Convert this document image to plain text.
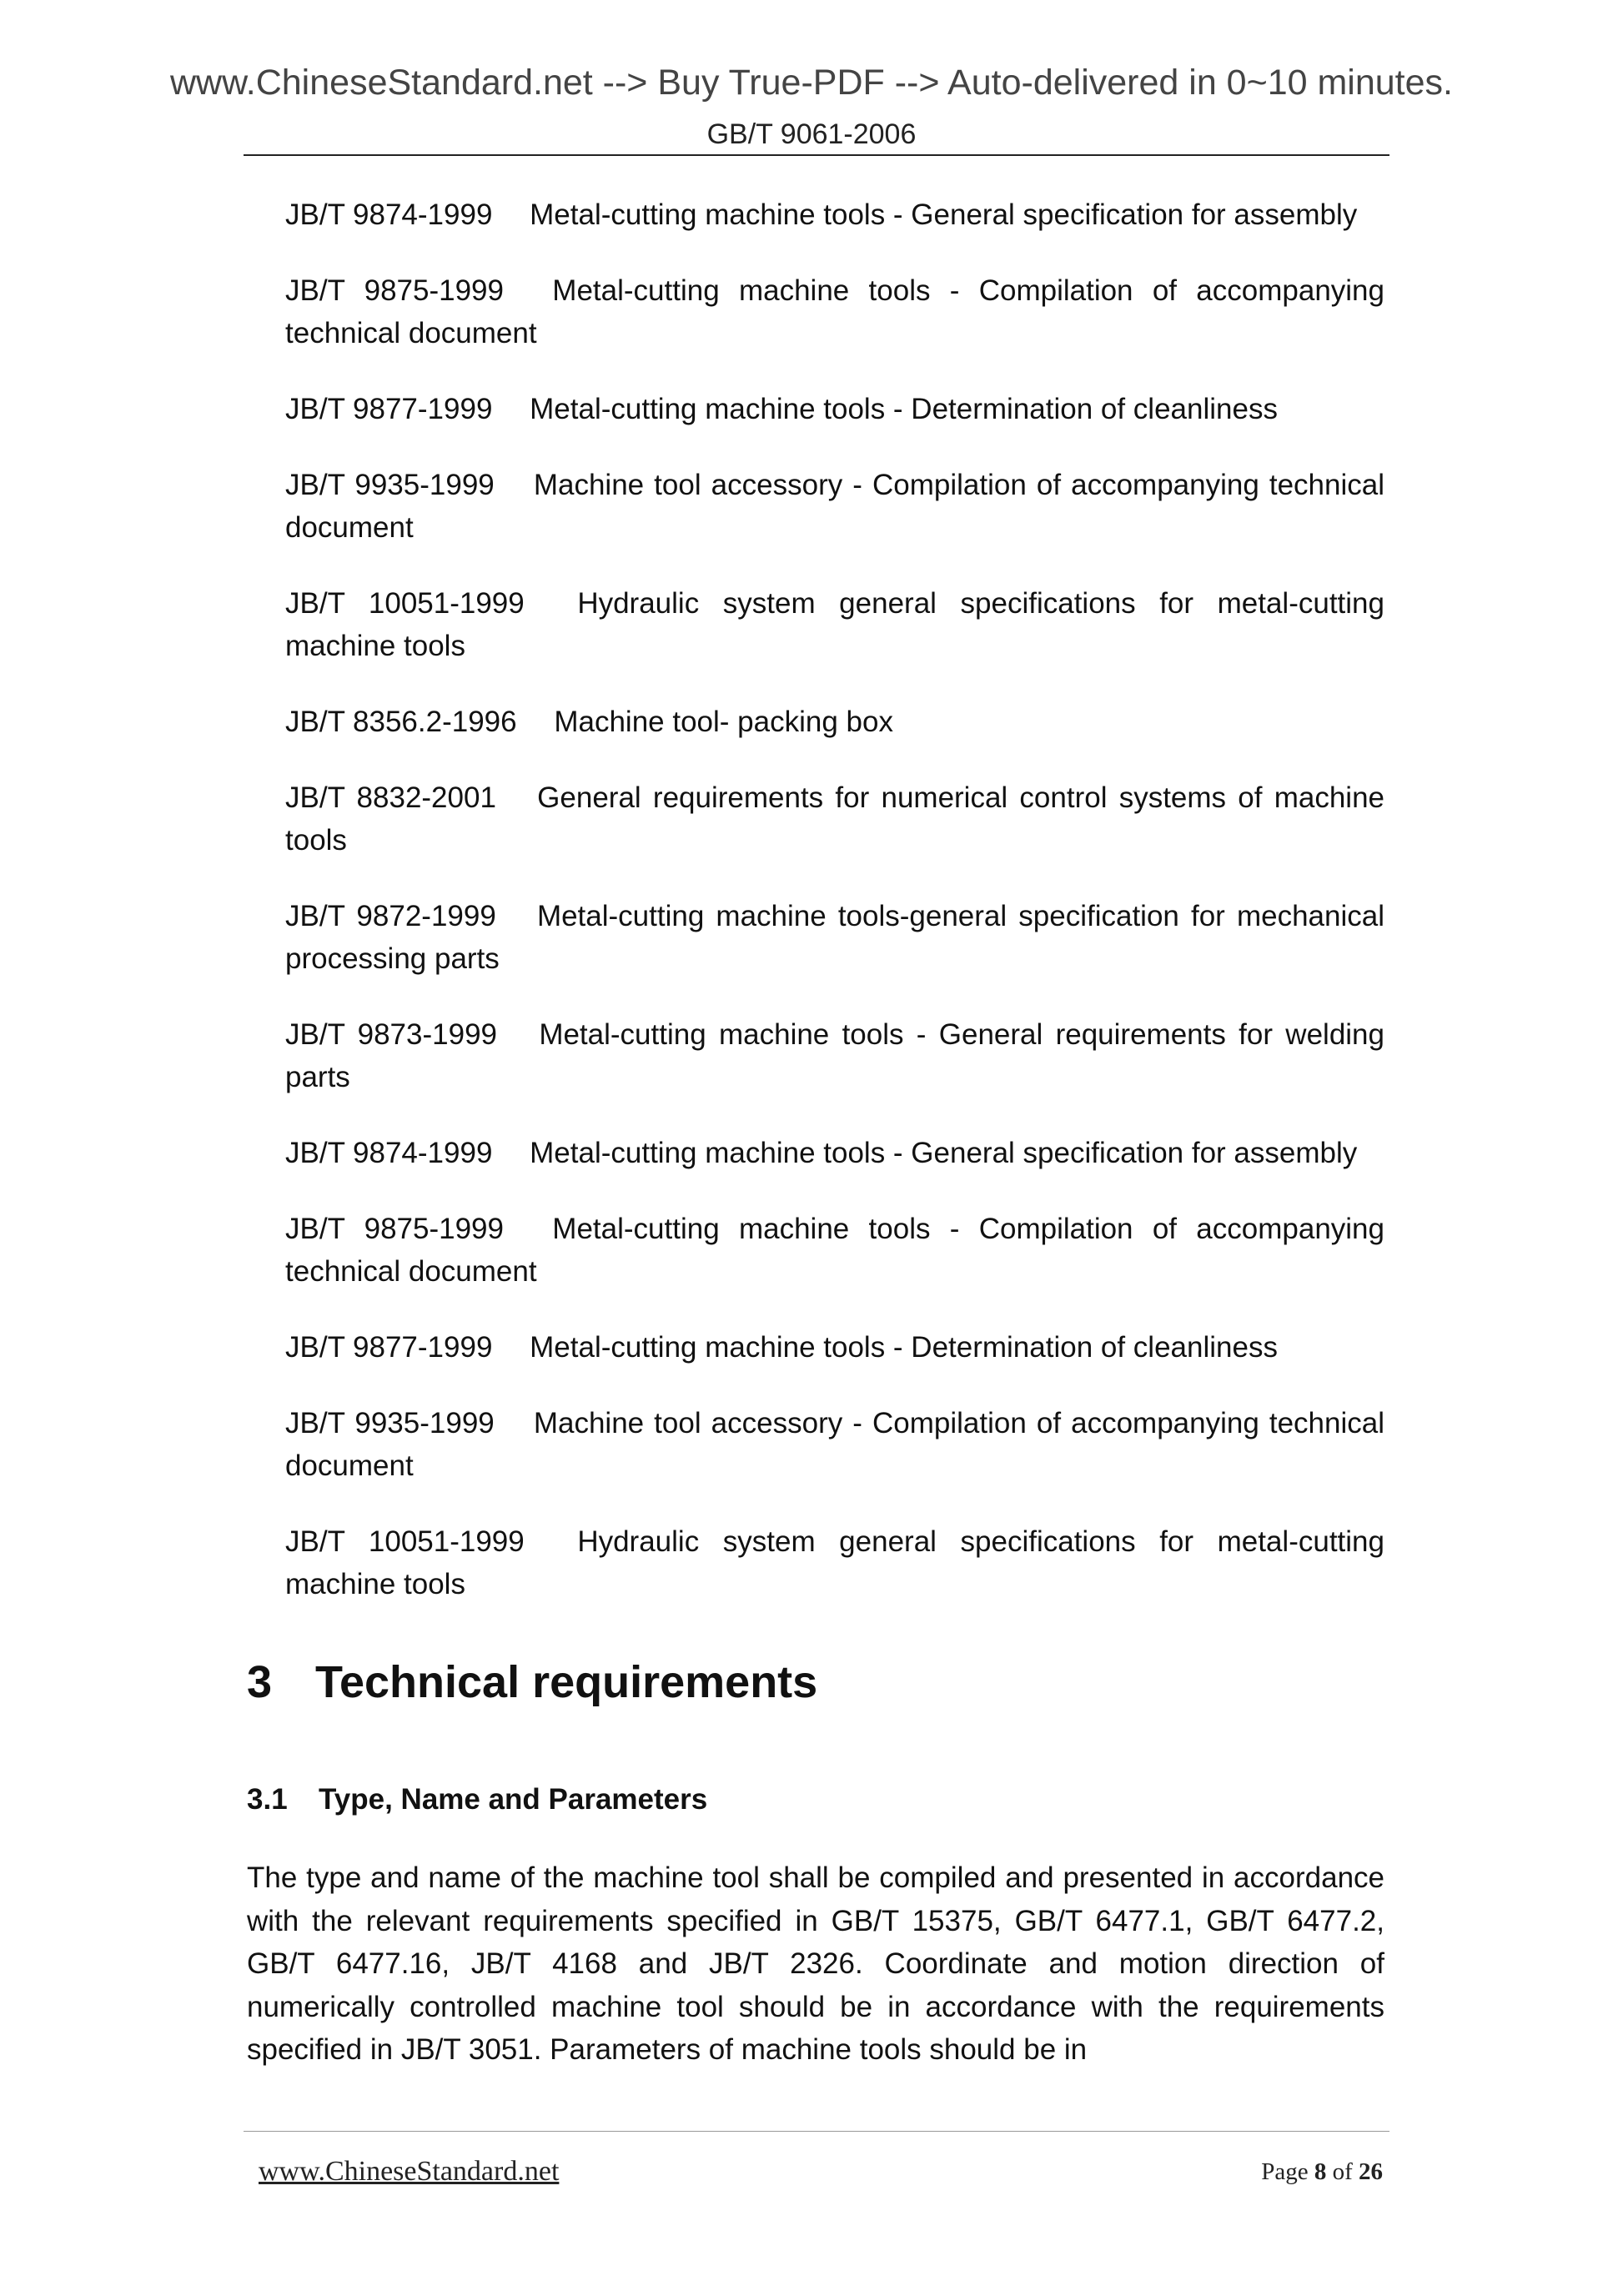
www.ChineseStandard.net --> Buy True-PDF --> Auto-delivered in 0~10 minutes.
GB/T 9061-2006
JB/T 9874-1999  Metal-cutting machine tools - General specification for assembly
JB/T 9875-1999  Metal-cutting machine tools - Compilation of accompanying technical document
JB/T 9877-1999  Metal-cutting machine tools - Determination of cleanliness
JB/T 9935-1999  Machine tool accessory - Compilation of accompanying technical document
JB/T 10051-1999  Hydraulic system general specifications for metal-cutting machine tools
JB/T 8356.2-1996  Machine tool- packing box
JB/T 8832-2001  General requirements for numerical control systems of machine tools
JB/T 9872-1999  Metal-cutting machine tools-general specification for mechanical processing parts
JB/T 9873-1999  Metal-cutting machine tools - General requirements for welding parts
JB/T 9874-1999  Metal-cutting machine tools - General specification for assembly
JB/T 9875-1999  Metal-cutting machine tools - Compilation of accompanying technical document
JB/T 9877-1999  Metal-cutting machine tools - Determination of cleanliness
JB/T 9935-1999  Machine tool accessory - Compilation of accompanying technical document
JB/T 10051-1999  Hydraulic system general specifications for metal-cutting machine tools
3 Technical requirements
3.1 Type, Name and Parameters

The type and name of the machine tool shall be compiled and presented in accordance with the relevant requirements specified in GB/T 15375, GB/T 6477.1, GB/T 6477.2, GB/T 6477.16, JB/T 4168 and JB/T 2326. Coordinate and motion direction of numerically controlled machine tool should be in accordance with the requirements specified in JB/T 3051. Parameters of machine tools should be in

www.ChineseStandard.net	Page 8 of 26
